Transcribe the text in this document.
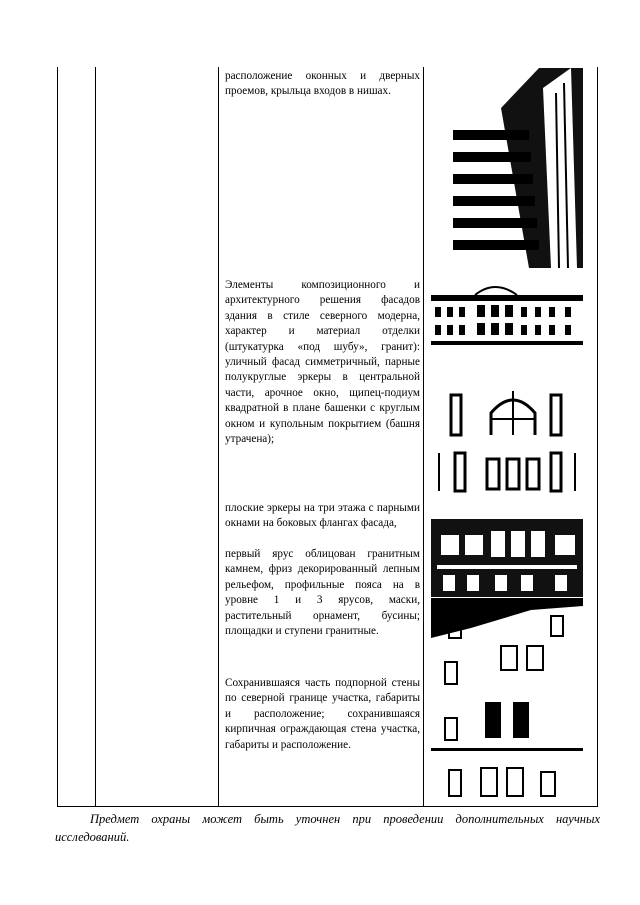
расположение оконных и дверных проемов, крыльца входов в нишах.
Элементы композиционного и архитектурного решения фасадов здания в стиле северного модерна, характер и материал отделки (штукатурка «под шубу», гранит): уличный фасад симметричный, парные полукруглые эркеры в центральной части, арочное окно, щипец-подиум квадратной в плане башенки с круглым окном и купольным покрытием (башня утрачена);
плоские эркеры на три этажа с парными окнами на боковых флангах фасада,
первый ярус облицован гранитным камнем, фриз декорированный лепным рельефом, профильные пояса на в уровне 1 и 3 ярусов, маски, растительный орнамент, бусины; площадки и ступени гранитные.
Сохранившаяся часть подпорной стены по северной границе участка, габариты и расположение; сохранившаяся кирпичная ограждающая стена участка, габариты и расположение.
Предмет охраны может быть уточнен при проведении дополнительных научных исследований.
